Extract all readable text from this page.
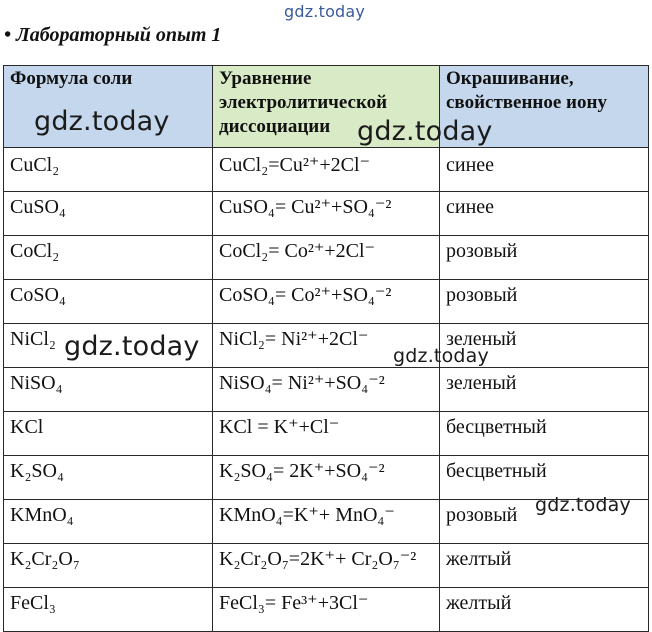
gdz.today
• Лабораторный опыт 1
Формула соли	Уравнение электролитической диссоциации	Окрашивание, свойственное иону
CuCl₂	CuCl₂=Cu²⁺+2Cl⁻	синее
CuSO₄	CuSO₄= Cu²⁺+SO₄⁻²	синее
CoCl₂	CoCl₂= Co²⁺+2Cl⁻	розовый
CoSO₄	CoSO₄= Co²⁺+SO₄⁻²	розовый
NiCl₂	NiCl₂= Ni²⁺+2Cl⁻	зеленый
NiSO₄	NiSO₄= Ni²⁺+SO₄⁻²	зеленый
KCl	KCl = K⁺+Cl⁻	бесцветный
K₂SO₄	K₂SO₄= 2K⁺+SO₄⁻²	бесцветный
KMnO₄	KMnO₄=K⁺+ MnO₄⁻	розовый
K₂Cr₂O₇	K₂Cr₂O₇=2K⁺+ Cr₂O₇⁻²	желтый
FeCl₃	FeCl₃= Fe³⁺+3Cl⁻	желтый
gdz.today	gdz.today
gdz.today	gdz.today
gdz.today
